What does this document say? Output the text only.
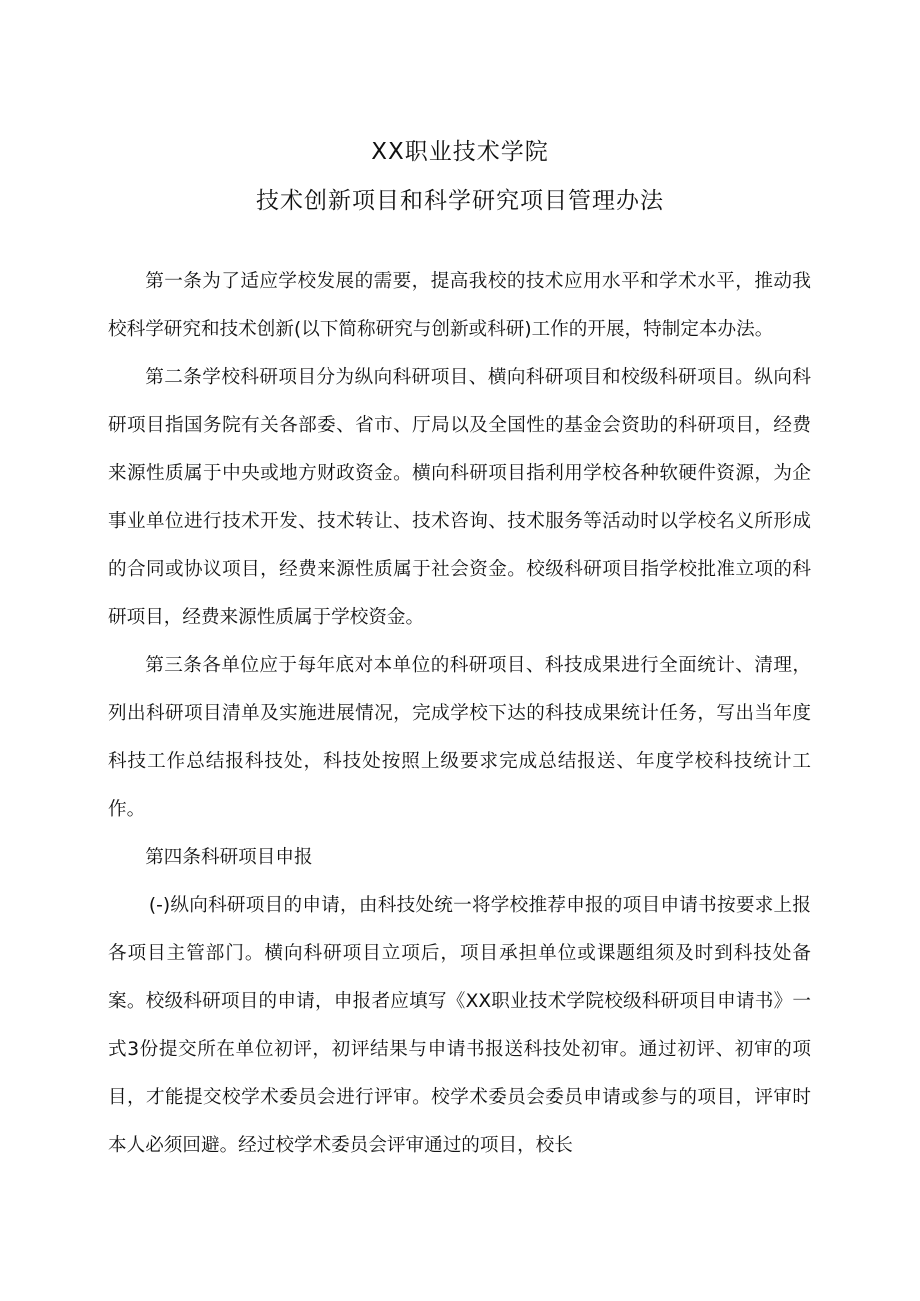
XX职业技术学院
技术创新项目和科学研究项目管理办法

第一条为了适应学校发展的需要，提高我校的技术应用水平和学术水平，推动我校科学研究和技术创新(以下简称研究与创新或科研)工作的开展，特制定本办法。

第二条学校科研项目分为纵向科研项目、横向科研项目和校级科研项目。纵向科研项目指国务院有关各部委、省市、厅局以及全国性的基金会资助的科研项目，经费来源性质属于中央或地方财政资金。横向科研项目指利用学校各种软硬件资源，为企事业单位进行技术开发、技术转让、技术咨询、技术服务等活动时以学校名义所形成的合同或协议项目，经费来源性质属于社会资金。校级科研项目指学校批准立项的科研项目，经费来源性质属于学校资金。

第三条各单位应于每年底对本单位的科研项目、科技成果进行全面统计、清理，列出科研项目清单及实施进展情况，完成学校下达的科技成果统计任务，写出当年度科技工作总结报科技处，科技处按照上级要求完成总结报送、年度学校科技统计工作。

第四条科研项目申报

(-)纵向科研项目的申请，由科技处统一将学校推荐申报的项目申请书按要求上报各项目主管部门。横向科研项目立项后，项目承担单位或课题组须及时到科技处备案。校级科研项目的申请，申报者应填写《XX职业技术学院校级科研项目申请书》一式3份提交所在单位初评，初评结果与申请书报送科技处初审。通过初评、初审的项目，才能提交校学术委员会进行评审。校学术委员会委员申请或参与的项目，评审时本人必须回避。经过校学术委员会评审通过的项目，校长
